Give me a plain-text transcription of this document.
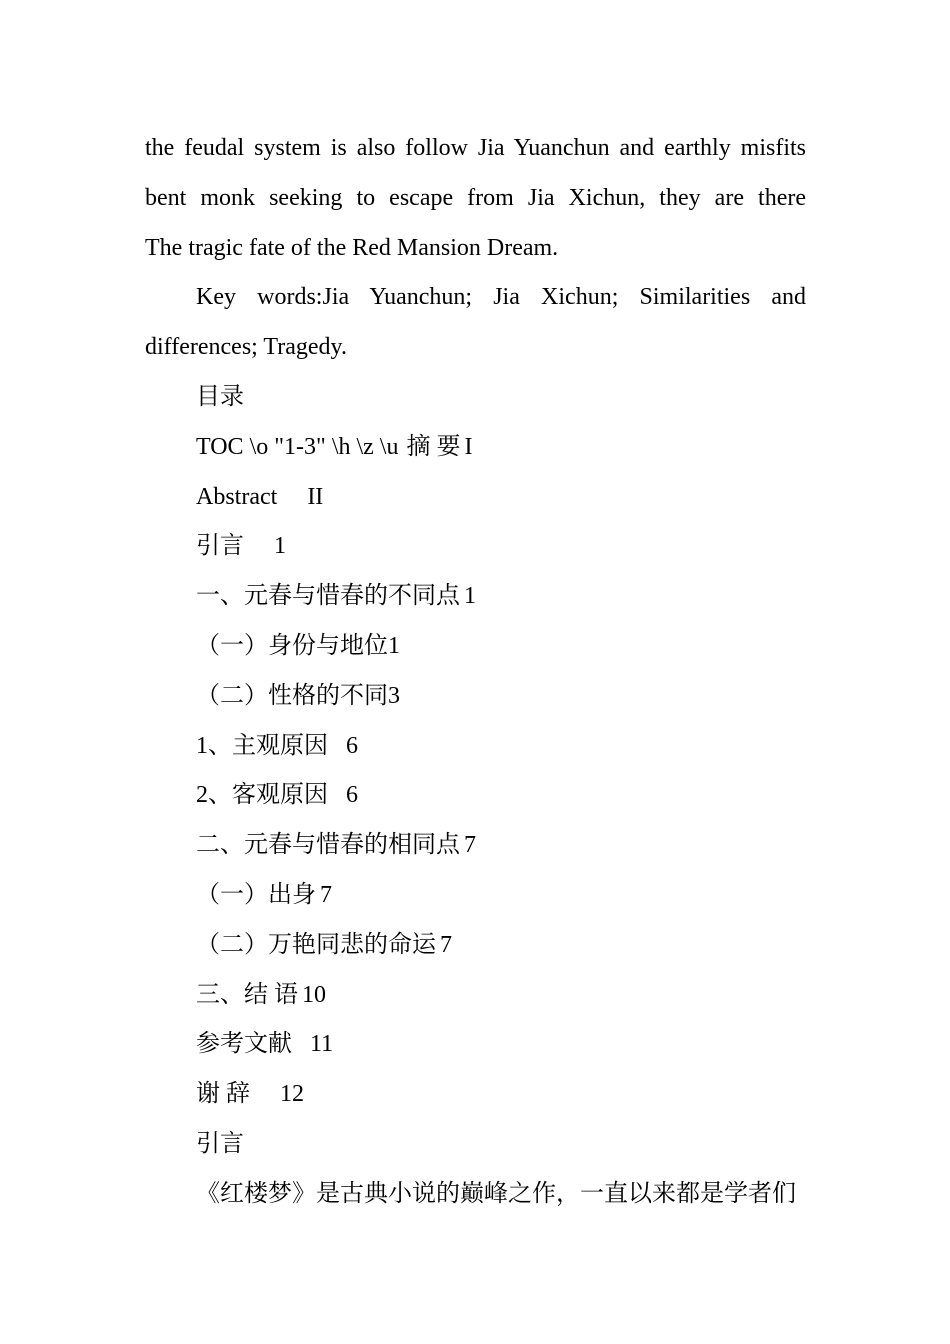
the feudal system is also follow Jia Yuanchun and earthly misfits
bent monk seeking to escape from Jia Xichun, they are there
The tragic fate of the Red Mansion Dream.
Key words:Jia Yuanchun; Jia Xichun; Similarities and
differences; Tragedy.
目录
TOC \o "1-3" \h \z \u 摘 要 I
Abstract II
引言 1
一、元春与惜春的不同点 1
（一）身份与地位 1
（二）性格的不同 3
1、主观原因 6
2、客观原因 6
二、元春与惜春的相同点 7
（一）出身 7
（二）万艳同悲的命运 7
三、结 语 10
参考文献 11
谢 辞 12
引言
《红楼梦》是古典小说的巅峰之作，一直以来都是学者们
